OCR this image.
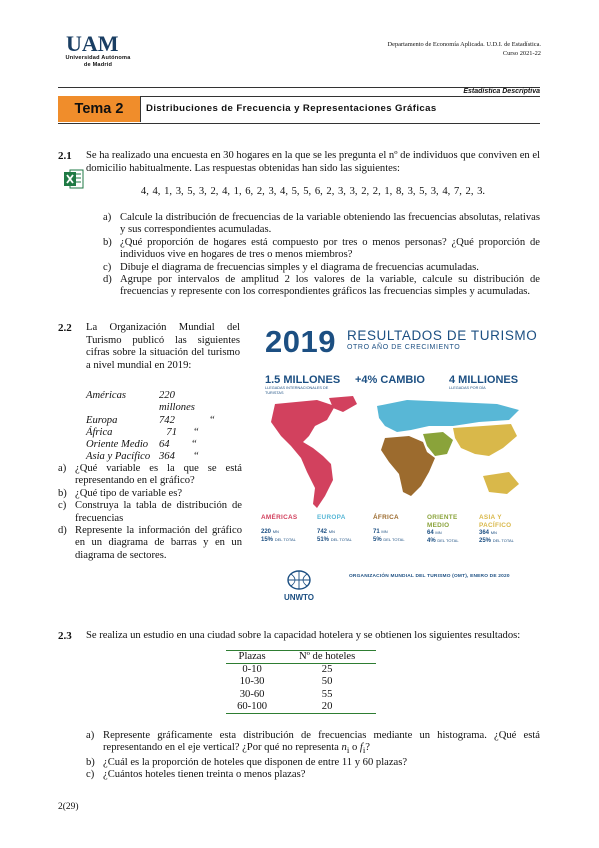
UAM
Universidad Autónoma
de Madrid
Departamento de Economía Aplicada. U.D.I. de Estadística.
Curso 2021-22
Estadística Descriptiva
Tema 2	Distribuciones de Frecuencia y Representaciones Gráficas
2.1 Se ha realizado una encuesta en 30 hogares en la que se les pregunta el nº de individuos que conviven en el domicilio habitualmente. Las respuestas obtenidas han sido las siguientes:
4, 4, 1, 3, 5, 3, 2, 4, 1, 6, 2, 3, 4, 5, 5, 6, 2, 3, 3, 2, 2, 1, 8, 3, 5, 3, 4, 7, 2, 3.
a) Calcule la distribución de frecuencias de la variable obteniendo las frecuencias absolutas, relativas y sus correspondientes acumuladas.
b) ¿Qué proporción de hogares está compuesto por tres o menos personas? ¿Qué proporción de individuos vive en hogares de tres o menos miembros?
c) Dibuje el diagrama de frecuencias simples y el diagrama de frecuencias acumuladas.
d) Agrupe por intervalos de amplitud 2 los valores de la variable, calcule su distribución de frecuencias y represente con los correspondientes gráficos las frecuencias simples y acumuladas.
2.2 La Organización Mundial del Turismo publicó las siguientes cifras sobre la situación del turismo a nivel mundial en 2019:
Américas	220 millones
Europa	742	“
África	71	“
Oriente Medio	64	“
Asia y Pacífico 364	“
a) ¿Qué variable es la que se está representando en el gráfico?
b) ¿Qué tipo de variable es?
c) Construya la tabla de distribución de frecuencias
d) Represente la información del gráfico en un diagrama de barras y en un diagrama de sectores.
2019 RESULTADOS DE TURISMO
OTRO AÑO DE CRECIMIENTO
1.5 MILLONES
LLEGADAS INTERNACIONALES DE TURISTAS
+4% CAMBIO	4 MILLIONES
LLEGADAS POR DÍA
AMÉRICAS
220 MN
15% DEL TOTAL
EUROPA
742 MN
51% DEL TOTAL
ÁFRICA
71 MN
5% DEL TOTAL
ORIENTE MEDIO
64 MN
4% DEL TOTAL
ASIA Y PACÍFICO
364 MN
25% DEL TOTAL
UNWTO
ORGANIZACIÓN MUNDIAL DEL TURISMO (OMT), ENERO DE 2020
2.3 Se realiza un estudio en una ciudad sobre la capacidad hotelera y se obtienen los siguientes resultados:
Plazas	Nº de hoteles
0-10	25
10-30	50
30-60	55
60-100	20
a) Represente gráficamente esta distribución de frecuencias mediante un histograma. ¿Qué está representando en el eje vertical? ¿Por qué no representa $n_i$ o $f_i$?
b) ¿Cuál es la proporción de hoteles que disponen de entre 11 y 60 plazas?
c) ¿Cuántos hoteles tienen treinta o menos plazas?
2(29)
